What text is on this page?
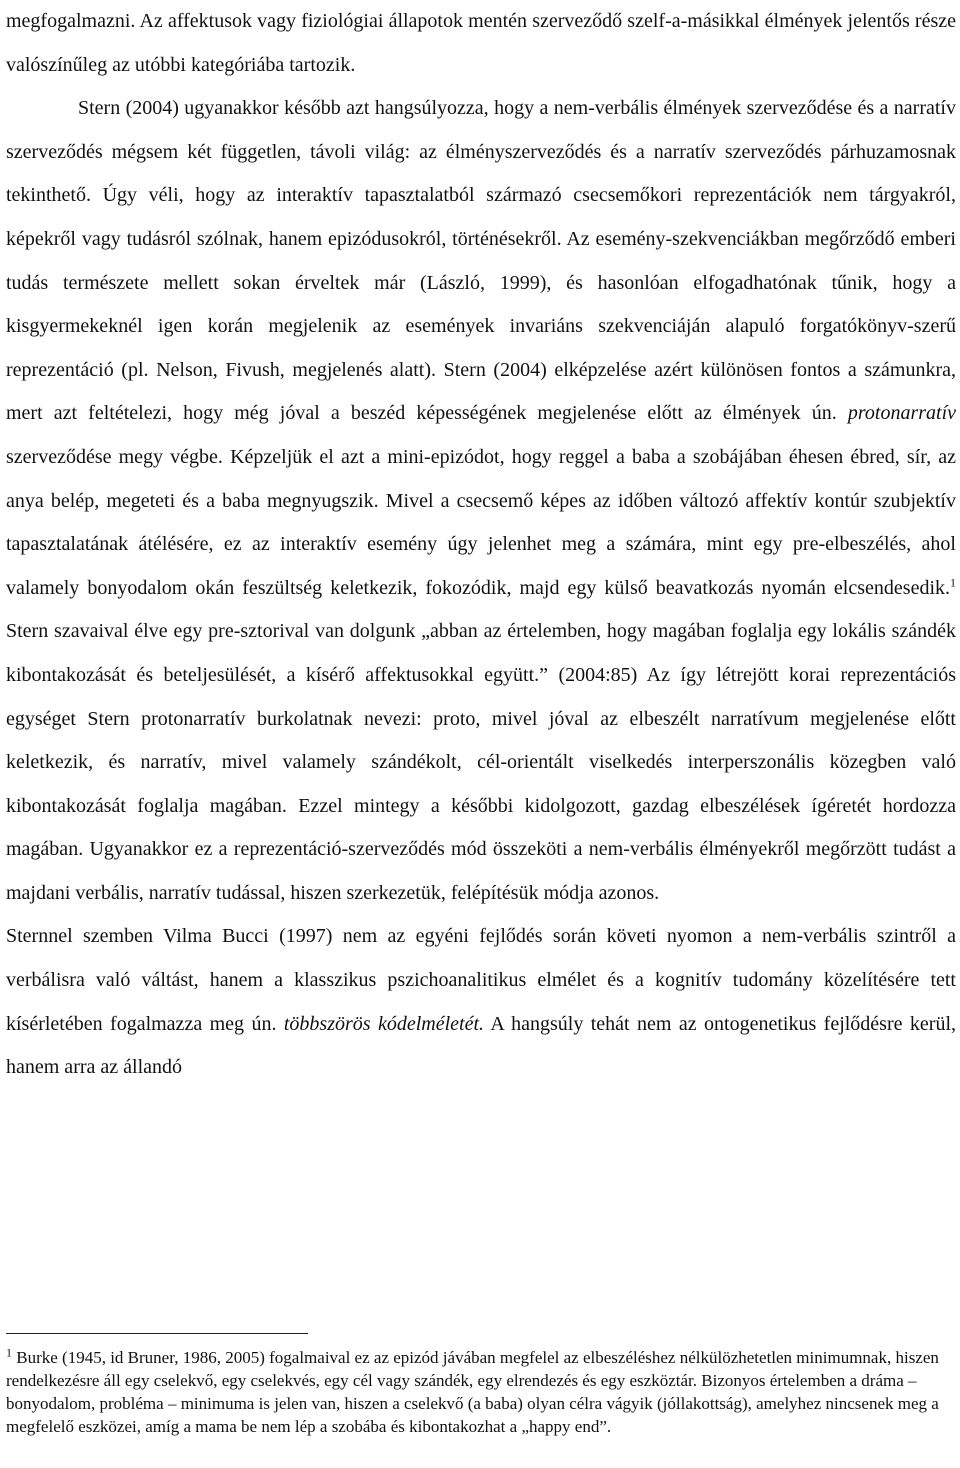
megfogalmazni. Az affektusok vagy fiziológiai állapotok mentén szerveződő szelf-a-másikkal élmények jelentős része valószínűleg az utóbbi kategóriába tartozik.

Stern (2004) ugyanakkor később azt hangsúlyozza, hogy a nem-verbális élmények szerveződése és a narratív szerveződés mégsem két független, távoli világ: az élményszerveződés és a narratív szerveződés párhuzamosnak tekinthető. Úgy véli, hogy az interaktív tapasztalatból származó csecsemőkori reprezentációk nem tárgyakról, képekről vagy tudásról szólnak, hanem epizódusokról, történésekről. Az esemény-szekvenciákban megőrződő emberi tudás természete mellett sokan érveltek már (László, 1999), és hasonlóan elfogadhatónak tűnik, hogy a kisgyermekeknél igen korán megjelenik az események invariáns szekvenciáján alapuló forgatókönyv-szerű reprezentáció (pl. Nelson, Fivush, megjelenés alatt). Stern (2004) elképzelése azért különösen fontos a számunkra, mert azt feltételezi, hogy még jóval a beszéd képességének megjelenése előtt az élmények ún. protonarratív szerveződése megy végbe. Képzeljük el azt a mini-epizódot, hogy reggel a baba a szobájában éhesen ébred, sír, az anya belép, megeteti és a baba megnyugszik. Mivel a csecsemő képes az időben változó affektív kontúr szubjektív tapasztalatának átélésére, ez az interaktív esemény úgy jelenhet meg a számára, mint egy pre-elbeszélés, ahol valamely bonyodalom okán feszültség keletkezik, fokozódik, majd egy külső beavatkozás nyomán elcsendesedik.$^1$ Stern szavaival élve egy pre-sztorival van dolgunk „abban az értelemben, hogy magában foglalja egy lokális szándék kibontakozását és beteljesülését, a kísérő affektusokkal együtt.” (2004:85) Az így létrejött korai reprezentációs egységet Stern protonarratív burkolatnak nevezi: proto, mivel jóval az elbeszélt narratívum megjelenése előtt keletkezik, és narratív, mivel valamely szándékolt, cél-orientált viselkedés interperszonális közegben való kibontakozását foglalja magában. Ezzel mintegy a későbbi kidolgozott, gazdag elbeszélések ígéretét hordozza magában. Ugyanakkor ez a reprezentáció-szerveződés mód összeköti a nem-verbális élményekről megőrzött tudást a majdani verbális, narratív tudással, hiszen szerkezetük, felépítésük módja azonos.

Sternnel szemben Vilma Bucci (1997) nem az egyéni fejlődés során követi nyomon a nem-verbális szintről a verbálisra való váltást, hanem a klasszikus pszichoanalitikus elmélet és a kognitív tudomány közelítésére tett kísérletében fogalmazza meg ún. többszörös kódelméletét. A hangsúly tehát nem az ontogenetikus fejlődésre kerül, hanem arra az állandó

$^1$ Burke (1945, id Bruner, 1986, 2005) fogalmaival ez az epizód jávában megfelel az elbeszéléshez nélkülözhetetlen minimumnak, hiszen rendelkezésre áll egy cselekvő, egy cselekvés, egy cél vagy szándék, egy elrendezés és egy eszköztár. Bizonyos értelemben a dráma – bonyodalom, probléma – minimuma is jelen van, hiszen a cselekvő (a baba) olyan célra vágyik (jóllakottság), amelyhez nincsenek meg a megfelelő eszközei, amíg a mama be nem lép a szobába és kibontakozhat a „happy end”.
